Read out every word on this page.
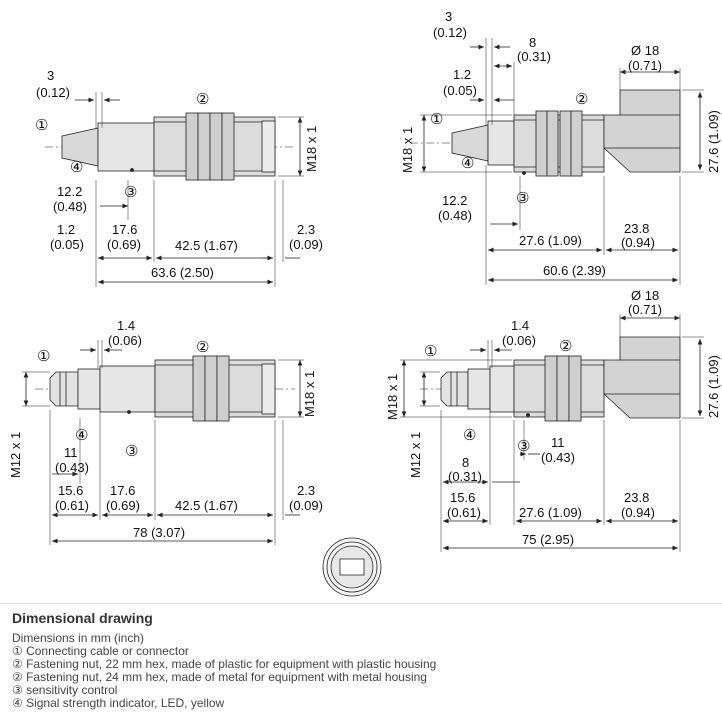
3
(0.12)
①
②
④
③
12.2
(0.48)
1.2
(0.05)
17.6
(0.69)	42.5 (1.67)
2.3
(0.09)
63.6 (2.50)
M18 x 1
3
(0.12)
8
(0.31)
1.2
(0.05)
Ø 18
(0.71)
①
②
④
③
12.2
(0.48)
27.6 (1.09)
23.8
(0.94)
60.6 (2.39)
M18 x 1	27.6 (1.09)
1.4
(0.06)
①
②
④
③
11
(0.43)
15.6
(0.61)
17.6
(0.69)	42.5 (1.67)
2.3
(0.09)
78 (3.07)
M18 x 1
M12 x 1
1.4
(0.06)
Ø 18
(0.71)
①	②
④
③ 11
(0.43)
8
(0.31)
15.6
(0.61)	27.6 (1.09)
23.8
(0.94)
75 (2.95)
M18 x 1
M12 x 1
27.6 (1.09)
Dimensional drawing

Dimensions in mm (inch)

① Connecting cable or connector

② Fastening nut, 22 mm hex, made of plastic for equipment with plastic housing

② Fastening nut, 24 mm hex, made of metal for equipment with metal housing

③ sensitivity control

④ Signal strength indicator, LED, yellow
